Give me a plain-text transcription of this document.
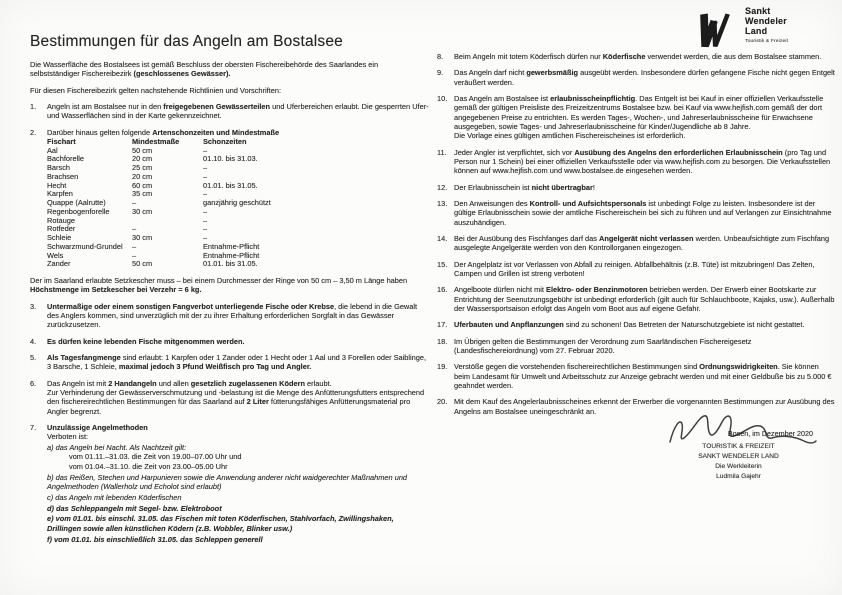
Sankt
Wendeler
Land
Touristik & Freizeit
Bestimmungen für das Angeln am Bostalsee

Die Wasserfläche des Bostalsees ist gemäß Beschluss der obersten Fischereibehörde des Saarlandes ein selbstständiger Fischereibezirk (geschlossenes Gewässer).

Für diesen Fischereibezirk gelten nachstehende Richtlinien und Vorschriften:

1.	Angeln ist am Bostalsee nur in den freigegebenen Gewässerteilen und Uferbereichen erlaubt. Die gesperrten Ufer- und Wasserflächen sind in der Karte gekennzeichnet.
2.	Darüber hinaus gelten folgende Artenschonzeiten und Mindestmaße
Fischart	Mindestmaße	Schonzeiten
Aal	50 cm	–
Bachforelle	20 cm	01.10. bis 31.03.
Barsch	25 cm	–
Brachsen	20 cm	–
Hecht	60 cm	01.01. bis 31.05.
Karpfen	35 cm	–
Quappe (Aalrutte)	–	ganzjährig geschützt
Regenbogenforelle	30 cm	–
Rotauge		–
Rotfeder	–	–
Schleie	30 cm	–
Schwarzmund-Grundel	–	Entnahme-Pflicht
Wels	–	Entnahme-Pflicht
Zander	50 cm	01.01. bis 31.05.

Der im Saarland erlaubte Setzkescher muss – bei einem Durchmesser der Ringe von 50 cm – 3,50 m Länge haben Höchstmenge im Setzkescher bei Verzehr = 6 kg.

3.	Untermaßige oder einem sonstigen Fangverbot unterliegende Fische oder Krebse, die lebend in die Gewalt des Anglers kommen, sind unverzüglich mit der zu ihrer Erhaltung erforderlichen Sorgfalt in das Gewässer zurückzusetzen.
4.	Es dürfen keine lebenden Fische mitgenommen werden.
5.	Als Tagesfangmenge sind erlaubt: 1 Karpfen oder 1 Zander oder 1 Hecht oder 1 Aal und 3 Forellen oder Saiblinge, 3 Barsche, 1 Schleie, maximal jedoch 3 Pfund Weißfisch pro Tag und Angler.
6.	Das Angeln ist mit 2 Handangeln und allen gesetzlich zugelassenen Ködern erlaubt.
Zur Verhinderung der Gewässerverschmutzung und -belastung ist die Menge des Anfütterungsfutters entsprechend den fischereirechtlichen Bestimmungen für das Saarland auf 2 Liter fütterungsfähiges Anfütterungsmaterial pro Angler begrenzt.
7.	Unzulässige Angelmethoden
Verboten ist:
a) das Angeln bei Nacht. Als Nachtzeit gilt:
vom 01.11.–31.03. die Zeit von 19.00–07.00 Uhr und
vom 01.04.–31.10. die Zeit von 23.00–05.00 Uhr
b) das Reißen, Stechen und Harpunieren sowie die Anwendung anderer nicht waidgerechter Maßnahmen und Angelmethoden (Wallerholz und Echolot sind erlaubt)
c) das Angeln mit lebenden Köderfischen
d) das Schleppangeln mit Segel- bzw. Elektroboot
e) vom 01.01. bis einschl. 31.05. das Fischen mit toten Köderfischen, Stahlvorfach, Zwillingshaken, Drillingen sowie allen künstlichen Ködern (z.B. Wobbler, Blinker usw.)
f) vom 01.01. bis einschließlich 31.05. das Schleppen generell
8.	Beim Angeln mit totem Köderfisch dürfen nur Köderfische verwendet werden, die aus dem Bostalsee stammen.
9.	Das Angeln darf nicht gewerbsmäßig ausgeübt werden. Insbesondere dürfen gefangene Fische nicht gegen Entgelt veräußert werden.
10. Das Angeln am Bostalsee ist erlaubnisscheinpflichtig. Das Entgelt ist bei Kauf in einer offiziellen Verkaufsstelle gemäß der gültigen Preisliste des Freizeitzentrums Bostalsee bzw. bei Kauf via www.hejfish.com gemäß der dort angegebenen Preise zu entrichten. Es werden Tages-, Wochen-, und Jahreserlaubnisscheine für Erwachsene ausgegeben, sowie Tages- und Jahreserlaubnisscheine für Kinder/Jugendliche ab 8 Jahre.
Die Vorlage eines gültigen amtlichen Fischereischeines ist erforderlich.
11. Jeder Angler ist verpflichtet, sich vor Ausübung des Angelns den erforderlichen Erlaubnisschein (pro Tag und Person nur 1 Schein) bei einer offiziellen Verkaufsstelle oder via www.hejfish.com zu besorgen. Die Verkaufsstellen können auf www.hejfish.com und www.bostalsee.de eingesehen werden.
12. Der Erlaubnisschein ist nicht übertragbar!
13. Den Anweisungen des Kontroll- und Aufsichtspersonals ist unbedingt Folge zu leisten. Insbesondere ist der gültige Erlaubnisschein sowie der amtliche Fischereischein bei sich zu führen und auf Verlangen zur Einsichtnahme auszuhändigen.
14. Bei der Ausübung des Fischfanges darf das Angelgerät nicht verlassen werden. Unbeaufsichtigte zum Fischfang ausgelegte Angelgeräte werden von den Kontrollorganen eingezogen.
15. Der Angelplatz ist vor Verlassen von Abfall zu reinigen. Abfallbehältnis (z.B. Tüte) ist mitzubringen! Das Zelten, Campen und Grillen ist streng verboten!
16. Angelboote dürfen nicht mit Elektro- oder Benzinmotoren betrieben werden. Der Erwerb einer Bootskarte zur Entrichtung der Seenutzungsgebühr ist unbedingt erforderlich (gilt auch für Schlauchboote, Kajaks, usw.). Außerhalb der Wassersportsaison erfolgt das Angeln vom Boot aus auf eigene Gefahr.
17. Uferbauten und Anpflanzungen sind zu schonen! Das Betreten der Naturschutzgebiete ist nicht gestattet.
18. Im Übrigen gelten die Bestimmungen der Verordnung zum Saarländischen Fischereigesetz (Landesfischereiordnung) vom 27. Februar 2020.
19. Verstöße gegen die vorstehenden fischereirechtlichen Bestimmungen sind Ordnungswidrigkeiten. Sie können beim Landesamt für Umwelt und Arbeitsschutz zur Anzeige gebracht werden und mit einer Geldbuße bis zu 5.000 € geahndet werden.
20. Mit dem Kauf des Angelerlaubnisscheines erkennt der Erwerber die vorgenannten Bestimmungen zur Ausübung des Angelns am Bostalsee uneingeschränkt an.
Bosen, im Dezember 2020
TOURISTIK & FREIZEIT
SANKT WENDELER LAND
Die Werkleiterin
Ludmila Gajehr
